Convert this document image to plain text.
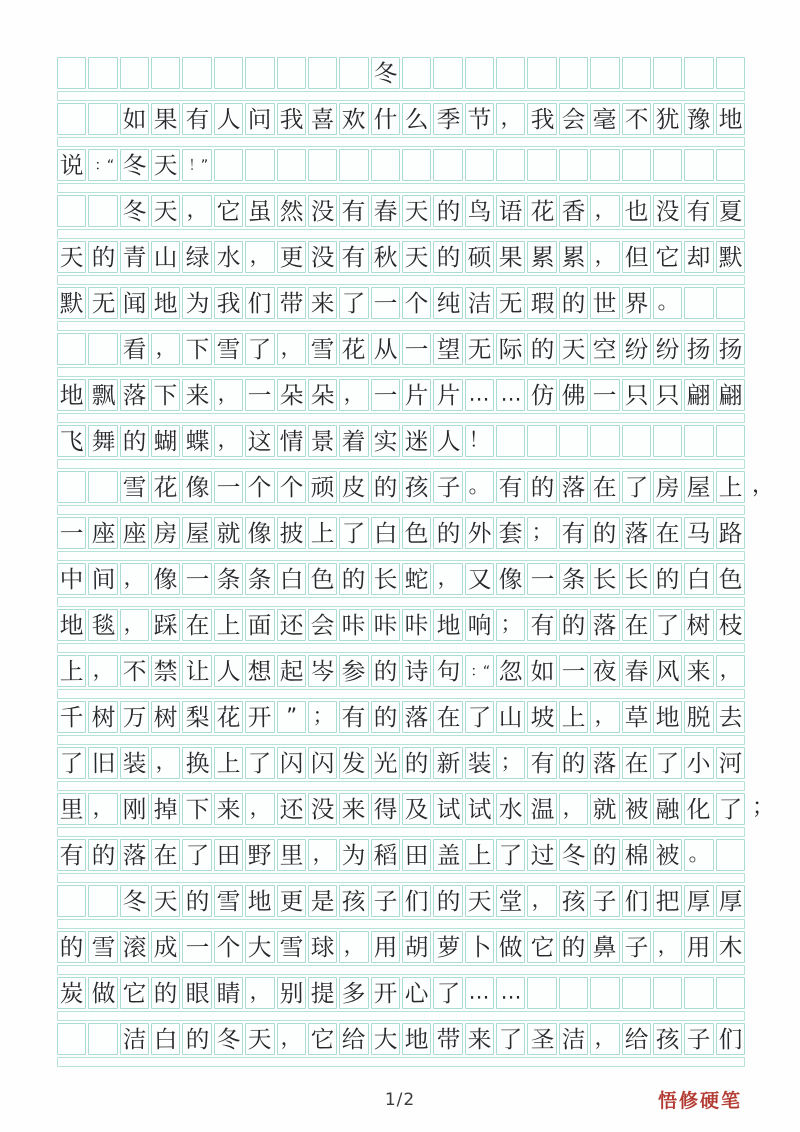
冬
如 果 有 人 问 我 喜 欢 什 么 季 节 ， 我 会 毫 不 犹 豫 地
说 ：“ 冬 天 ！”
冬 天 ， 它 虽 然 没 有 春 天 的 鸟 语 花 香 ， 也 没 有 夏
天 的 青 山 绿 水 ， 更 没 有 秋 天 的 硕 果 累 累 ， 但 它 却 默
默 无 闻 地 为 我 们 带 来 了 一 个 纯 洁 无 瑕 的 世 界 。
看 ， 下 雪 了 ， 雪 花 从 一 望 无 际 的 天 空 纷 纷 扬 扬
地 飘 落 下 来 ， 一 朵 朵 ， 一 片 片 … … 仿 佛 一 只 只 翩 翩
飞 舞 的 蝴 蝶 ， 这 情 景 着 实 迷 人 ！
雪 花 像 一 个 个 顽 皮 的 孩 子 。 有 的 落 在 了 房 屋 上 ，
一 座 座 房 屋 就 像 披 上 了 白 色 的 外 套 ； 有 的 落 在 马 路
中 间 ， 像 一 条 条 白 色 的 长 蛇 ， 又 像 一 条 长 长 的 白 色
地 毯 ， 踩 在 上 面 还 会 咔 咔 咔 地 响 ； 有 的 落 在 了 树 枝
上 ， 不 禁 让 人 想 起 岑 参 的 诗 句 ：“ 忽 如 一 夜 春 风 来 ，
千 树 万 树 梨 花 开 ” ； 有 的 落 在 了 山 坡 上 ， 草 地 脱 去
了 旧 装 ， 换 上 了 闪 闪 发 光 的 新 装 ； 有 的 落 在 了 小 河
里 ， 刚 掉 下 来 ， 还 没 来 得 及 试 试 水 温 ， 就 被 融 化 了 ；
有 的 落 在 了 田 野 里 ， 为 稻 田 盖 上 了 过 冬 的 棉 被 。
冬 天 的 雪 地 更 是 孩 子 们 的 天 堂 ， 孩 子 们 把 厚 厚
的 雪 滚 成 一 个 大 雪 球 ， 用 胡 萝 卜 做 它 的 鼻 子 ， 用 木
炭 做 它 的 眼 睛 ， 别 提 多 开 心 了 … …
洁 白 的 冬 天 ， 它 给 大 地 带 来 了 圣 洁 ， 给 孩 子 们
1/2	悟修硬笔
